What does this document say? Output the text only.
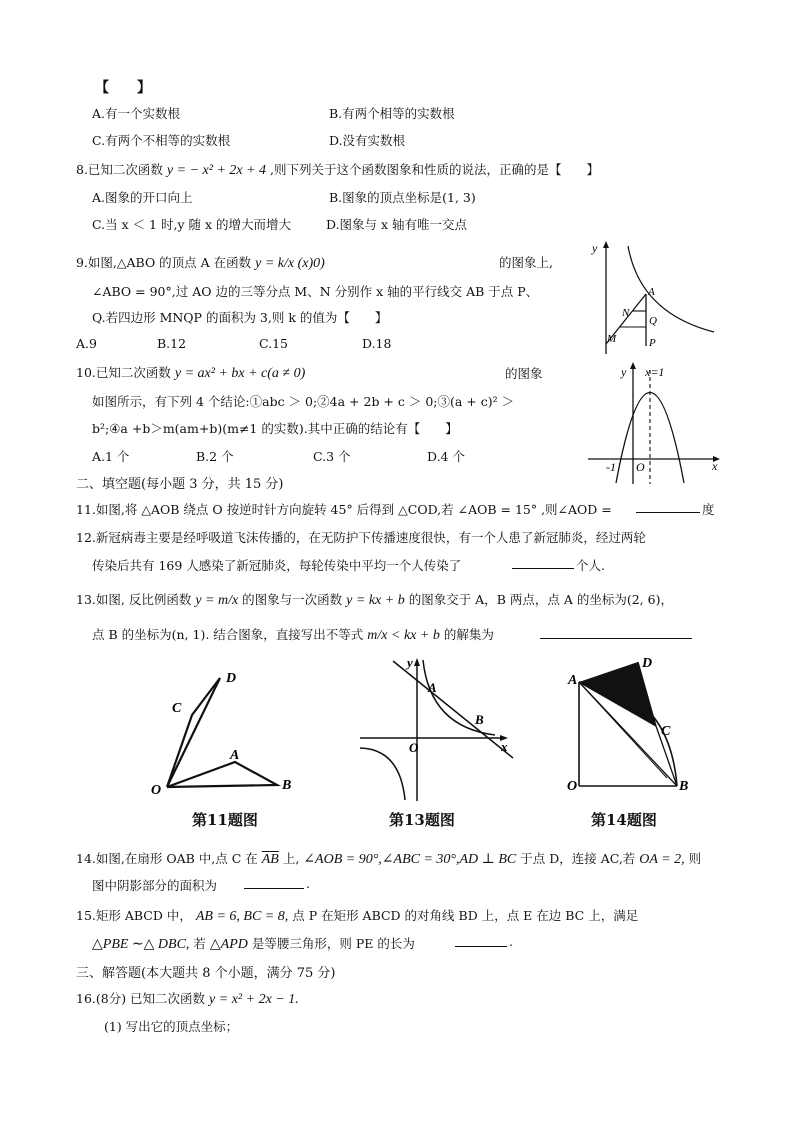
【　　】
A.有一个实数根	B.有两个相等的实数根
C.有两个不相等的实数根	D.没有实数根
8.已知二次函数 y = − x² + 2x + 4 ,则下列关于这个函数图象和性质的说法，正确的是【　　】
A.图象的开口向上	B.图象的顶点坐标是(1, 3)
C.当 x ＜ 1 时,y 随 x 的增大而增大	D.图象与 x 轴有唯一交点
9.如图,△ABO 的顶点 A 在函数 y = k/x (x)0)	的图象上,
∠ABO = 90°,过 AO 边的三等分点 M、N 分别作 x 轴的平行线交 AB 于点 P、
Q.若四边形 MNQP 的面积为 3,则 k 的值为【　　】
A.9	B.12	C.15	D.18
y
A
N
Q
M	P
10.已知二次函数 y = ax² + bx + c(a ≠ 0)	的图象
如图所示，有下列 4 个结论:①abc ＞ 0;②4a + 2b + c ＞ 0;③(a + c)² ＞
b²;④a +b＞m(am+b)(m≠1 的实数).其中正确的结论有【　　】
A.1 个	B.2 个	C.3 个	D.4 个
y x=1
-1 O	x
二、填空题(每小题 3 分，共 15 分)
11.如图,将 △AOB 绕点 O 按逆时针方向旋转 45° 后得到 △COD,若 ∠AOB = 15° ,则∠AOD =	度
12.新冠病毒主要是经呼吸道飞沫传播的，在无防护下传播速度很快，有一个人患了新冠肺炎，经过两轮
传染后共有 169 人感染了新冠肺炎，每轮传染中平均一个人传染了	个人.
13.如图, 反比例函数 y = m/x 的图象与一次函数 y = kx + b 的图象交于 A，B 两点，点 A 的坐标为(2, 6)，
点 B 的坐标为(n, 1). 结合图象，直接写出不等式 m/x < kx + b 的解集为
D
C
A
O	B
第11题图
y
A
B
x
O
第13题图
D
A
C
O	B
第14题图
14.如图,在扇形 OAB 中,点 C 在 $\overline{AB}$ 上, ∠AOB = 90°,∠ABC = 30°,AD ⊥ BC 于点 D，连接 AC,若 OA = 2, 则
图中阴影部分的面积为	.
15.矩形 ABCD 中， AB = 6, BC = 8, 点 P 在矩形 ABCD 的对角线 BD 上，点 E 在边 BC 上，满足
△PBE ∼△ DBC, 若 △APD 是等腰三角形，则 PE 的长为	.
三、解答题(本大题共 8 个小题，满分 75 分)
16.(8分) 已知二次函数 y = x² + 2x − 1.
(1) 写出它的顶点坐标；
